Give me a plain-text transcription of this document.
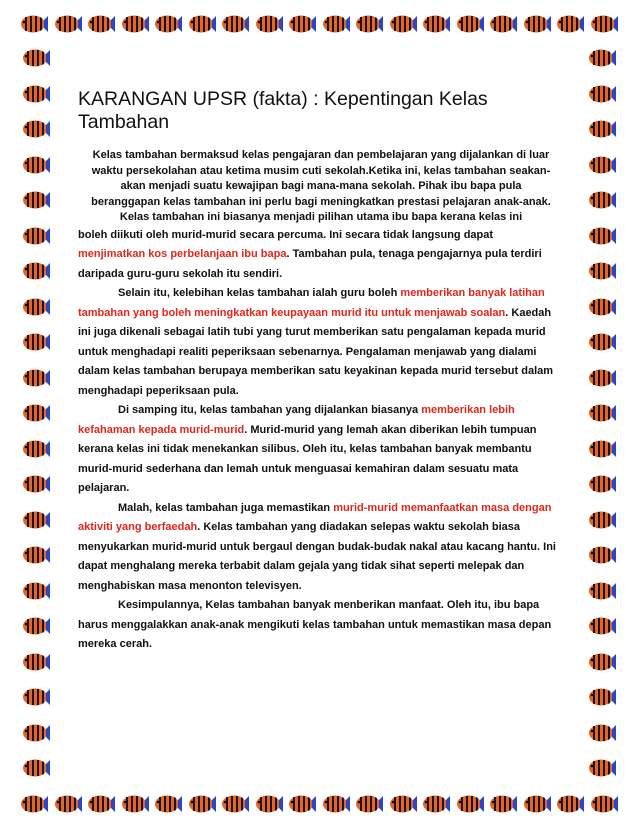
KARANGAN UPSR (fakta) : Kepentingan Kelas Tambahan
Kelas tambahan bermaksud kelas pengajaran dan pembelajaran yang dijalankan di luar
waktu persekolahan atau ketima musim cuti sekolah.Ketika ini, kelas tambahan seakan-
akan menjadi suatu kewajipan bagi mana-mana sekolah. Pihak ibu bapa pula
beranggapan kelas tambahan ini perlu bagi meningkatkan prestasi pelajaran anak-anak.
Kelas tambahan ini biasanya menjadi pilihan utama ibu bapa kerana kelas ini

boleh diikuti oleh murid-murid secara percuma. Ini secara tidak langsung dapat
menjimatkan kos perbelanjaan ibu bapa. Tambahan pula, tenaga pengajarnya pula terdiri daripada guru-guru sekolah itu sendiri.

Selain itu, kelebihan kelas tambahan ialah guru boleh memberikan banyak latihan tambahan yang boleh meningkatkan keupayaan murid itu untuk menjawab soalan. Kaedah ini juga dikenali sebagai latih tubi yang turut memberikan satu pengalaman kepada murid untuk menghadapi realiti peperiksaan sebenarnya. Pengalaman menjawab yang dialami dalam kelas tambahan berupaya memberikan satu keyakinan kepada murid tersebut dalam menghadapi peperiksaan pula.

Di samping itu, kelas tambahan yang dijalankan biasanya memberikan lebih kefahaman kepada murid-murid. Murid-murid yang lemah akan diberikan lebih tumpuan kerana kelas ini tidak menekankan silibus. Oleh itu, kelas tambahan banyak membantu murid-murid sederhana dan lemah untuk menguasai kemahiran dalam sesuatu mata pelajaran.

Malah, kelas tambahan juga memastikan murid-murid memanfaatkan masa dengan aktiviti yang berfaedah. Kelas tambahan yang diadakan selepas waktu sekolah biasa menyukarkan murid-murid untuk bergaul dengan budak-budak nakal atau kacang hantu. Ini dapat menghalang mereka terbabit dalam gejala yang tidak sihat seperti melepak dan menghabiskan masa menonton televisyen.

Kesimpulannya, Kelas tambahan banyak menberikan manfaat. Oleh itu, ibu bapa harus menggalakkan anak-anak mengikuti kelas tambahan untuk memastikan masa depan mereka cerah.
